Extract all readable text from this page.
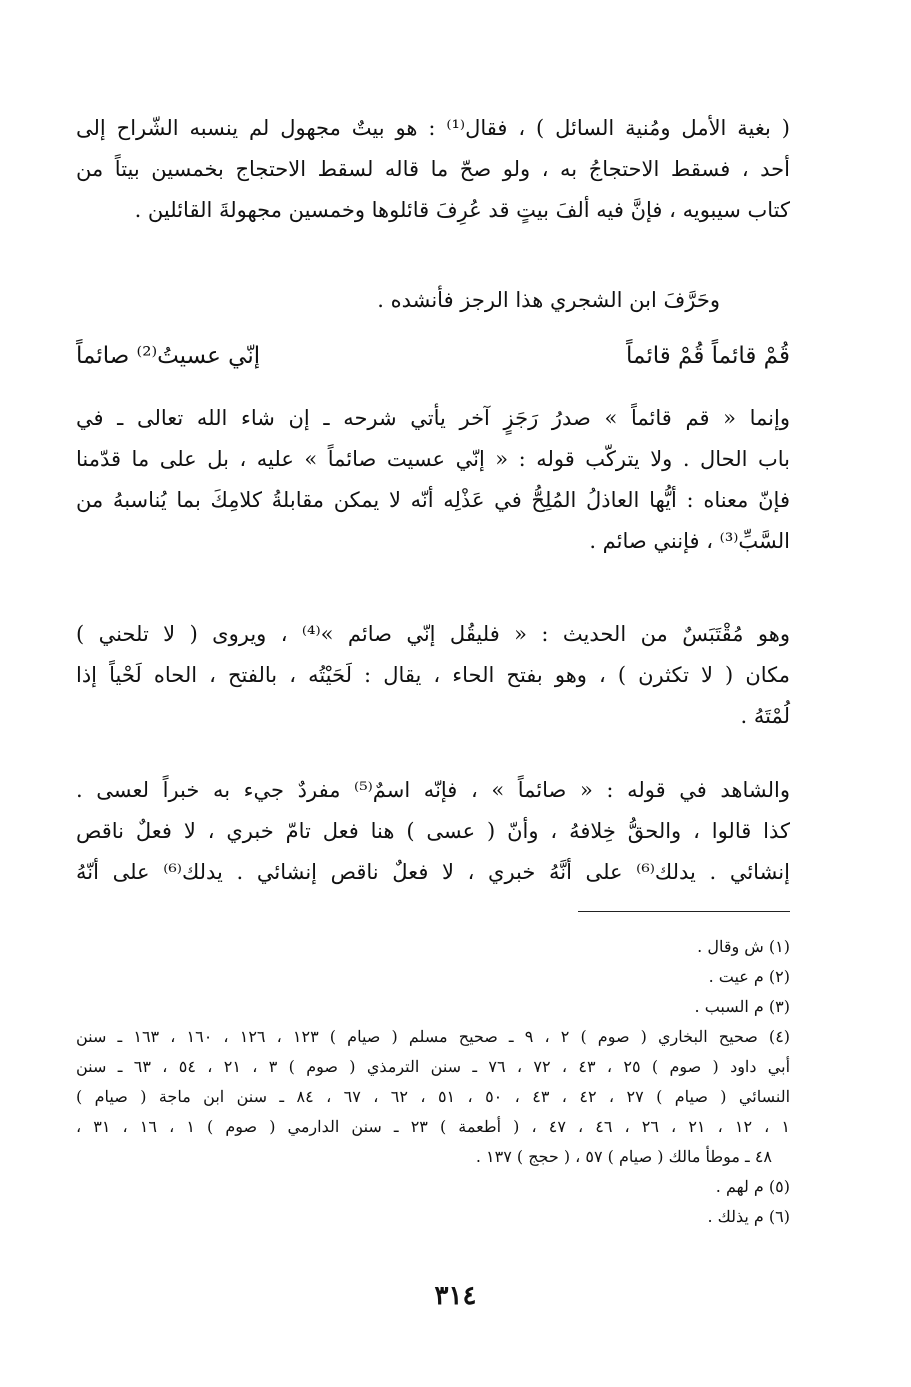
( بغية الأمل ومُنية السائل ) ، فقال⁽¹⁾ : هو بيتٌ مجهول لم ينسبه الشّراح إلى
أحد ، فسقط الاحتجاجُ به ، ولو صحّ ما قاله لسقط الاحتجاج بخمسين بيتاً من
كتاب سيبويه ، فإنَّ فيه ألفَ بيتٍ قد عُرِفَ قائلوها وخمسين مجهولةَ القائلين .

وحَرَّفَ ابن الشجري هذا الرجز فأنشده .

قُمْ قائماً قُمْ قائماً
إنّي عسيتُ⁽²⁾ صائماً

وإنما « قم قائماً » صدرُ رَجَزٍ آخر يأتي شرحه ـ إن شاء الله تعالى ـ في
باب الحال . ولا يتركّب قوله : « إنّي عسيت صائماً » عليه ، بل على ما قدّمنا
فإنّ معناه : أيُّها العاذلُ المُلِحُّ في عَذْلِه أنّه لا يمكن مقابلةُ كلامِكَ بما يُناسبهُ من
السَّبِّ⁽³⁾ ، فإنني صائم .

وهو مُقْتَبَسٌ من الحديث : « فليقُل إنّي صائم »⁽⁴⁾ ، ويروى ( لا تلحني )
مكان ( لا تكثرن ) ، وهو بفتح الحاء ، يقال : لَحَيْتُه ، بالفتح ، الحاه لَحْياً إذا
لُمْتَهُ .

والشاهد في قوله : « صائماً » ، فإنّه اسمٌ⁽⁵⁾ مفردٌ جيء به خبراً لعسى .
كذا قالوا ، والحقُّ خِلافهُ ، وأنّ ( عسى ) هنا فعل تامّ خبري ، لا فعلٌ ناقص
إنشائي . يدلك⁽⁶⁾ على أنَّهُ خبري ، لا فعلٌ ناقص إنشائي . يدلك⁽⁶⁾ على أنّهُ

(١) ش وقال .
(٢) م عيت .
(٣) م السبب .
(٤) صحيح البخاري ( صوم ) ٢ ، ٩ ـ صحيح مسلم ( صيام ) ١٢٣ ، ١٢٦ ، ١٦٠ ، ١٦٣ ـ سنن
أبي داود ( صوم ) ٢٥ ، ٤٣ ، ٧٢ ، ٧٦ ـ سنن الترمذي ( صوم ) ٣ ، ٢١ ، ٥٤ ، ٦٣ ـ سنن
النسائي ( صيام ) ٢٧ ، ٤٢ ، ٤٣ ، ٥٠ ، ٥١ ، ٦٢ ، ٦٧ ، ٨٤ ـ سنن ابن ماجة ( صيام )
١ ، ١٢ ، ٢١ ، ٢٦ ، ٤٦ ، ٤٧ ، ( أطعمة ) ٢٣ ـ سنن الدارمي ( صوم ) ١ ، ١٦ ، ٣١ ،
٤٨ ـ موطأ مالك ( صيام ) ٥٧ ، ( حجج ) ١٣٧ .
(٥) م لهم .
(٦) م يذلك .
٣١٤
